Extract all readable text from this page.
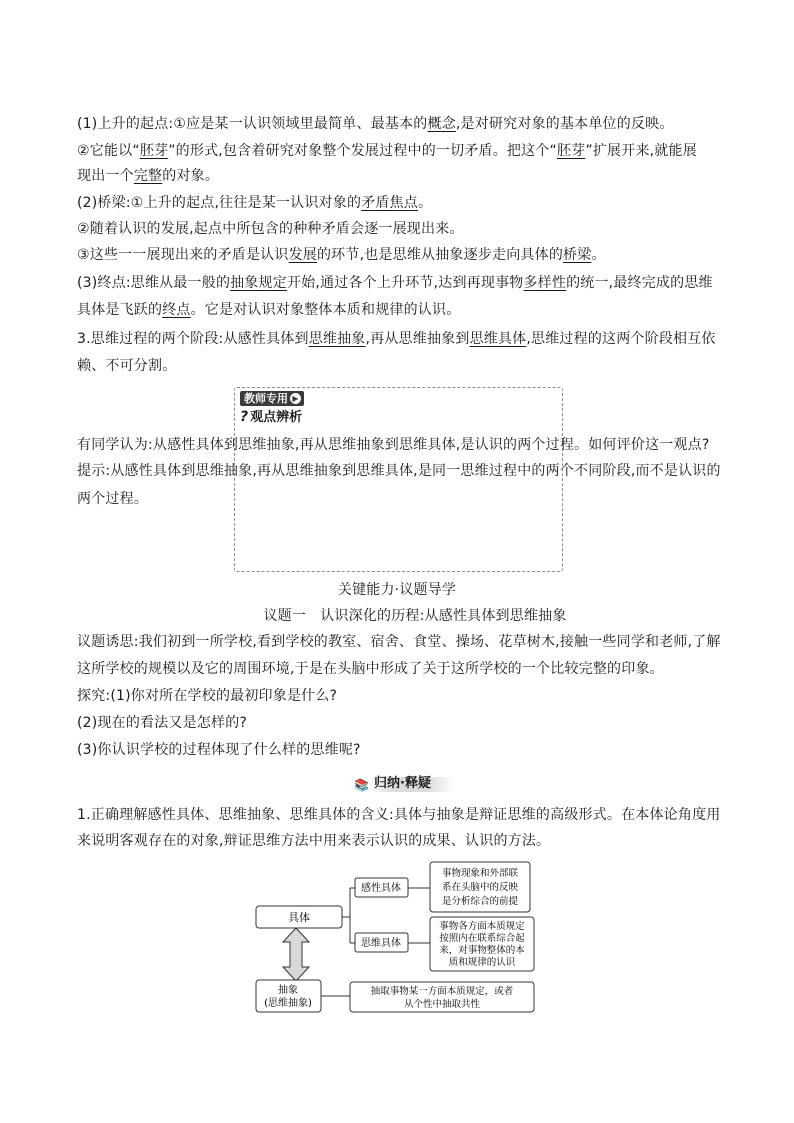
(1)上升的起点:①应是某一认识领域里最简单、最基本的概念,是对研究对象的基本单位的反映。
②它能以“胚芽”的形式,包含着研究对象整个发展过程中的一切矛盾。把这个“胚芽”扩展开来,就能展
现出一个完整的对象。
(2)桥梁:①上升的起点,往往是某一认识对象的矛盾焦点。
②随着认识的发展,起点中所包含的种种矛盾会逐一展现出来。
③这些一一展现出来的矛盾是认识发展的环节,也是思维从抽象逐步走向具体的桥梁。
(3)终点:思维从最一般的抽象规定开始,通过各个上升环节,达到再现事物多样性的统一,最终完成的思维
具体是飞跃的终点。它是对认识对象整体本质和规律的认识。
3.思维过程的两个阶段:从感性具体到思维抽象,再从思维抽象到思维具体,思维过程的这两个阶段相互依
赖、不可分割。
教师专用 ▶
? 观点辨析
有同学认为:从感性具体到思维抽象,再从思维抽象到思维具体,是认识的两个过程。如何评价这一观点?
提示:从感性具体到思维抽象,再从思维抽象到思维具体,是同一思维过程中的两个不同阶段,而不是认识的
两个过程。
关键能力·议题导学
议题一　认识深化的历程:从感性具体到思维抽象
议题诱思:我们初到一所学校,看到学校的教室、宿舍、食堂、操场、花草树木,接触一些同学和老师,了解
这所学校的规模以及它的周围环境,于是在头脑中形成了关于这所学校的一个比较完整的印象。
探究:(1)你对所在学校的最初印象是什么?
(2)现在的看法又是怎样的?
(3)你认识学校的过程体现了什么样的思维呢?
📚 归纳·释疑
1.正确理解感性具体、思维抽象、思维具体的含义:具体与抽象是辩证思维的高级形式。在本体论角度用
来说明客观存在的对象,辩证思维方法中用来表示认识的成果、认识的方法。
具体
感性具体
思维具体
事物现象和外部联
系在头脑中的反映
是分析综合的前提
事物各方面本质规定
按照内在联系综合起
来，对事物整体的本
质和规律的认识
抽象
(思维抽象)
抽取事物某一方面本质规定，或者
从个性中抽取共性
